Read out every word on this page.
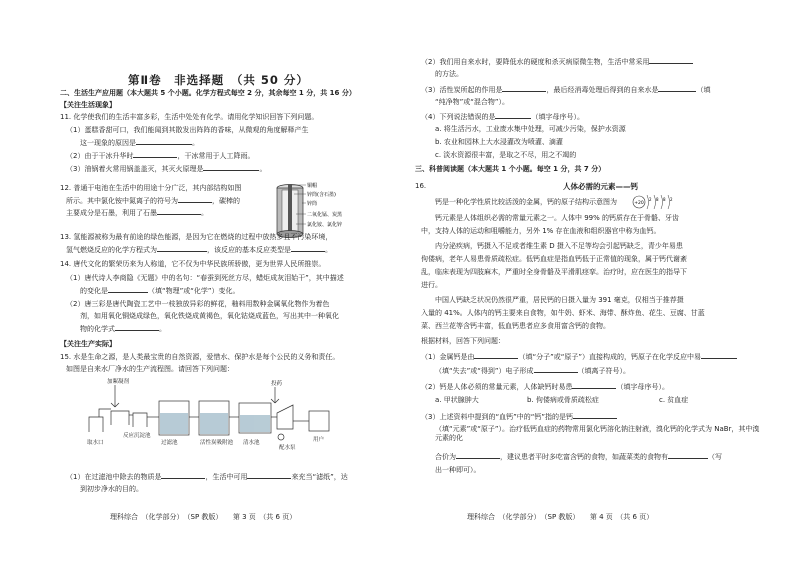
第Ⅱ卷　非选择题　（共 50 分）
二、生活生产应用题（本大题共 5 个小题。化学方程式每空 2 分，其余每空 1 分，共 16 分）
【关注生活现象】
11. 化学使我们的生活丰富多彩，生活中处处有化学。请用化学知识回答下列问题。
（1）蛋糕香甜可口，我们能闻到其散发出阵阵的香味，从微观的角度解释产生
这一现象的原因是	。
（2）由于干冰升华时	，干冰常用于人工降雨。
（3）油锅着火常用锅盖盖灭，其灭火原理是	。
12. 普通干电池在生活中的用途十分广泛，其内部结构如图
所示。其中氯化铵中氮离子的符号为	，碳棒的
主要成分是石墨，利用了石墨	。
铜帽
锌筒(含石墨)
锌筒
二氧化锰、炭黑
氯化铵、氯化锌
13. 氢能源被称为最有前途的绿色能源，是因为它在燃烧的过程中放热多且不污染环境，
氢气燃烧反应的化学方程式为	，该反应的基本反应类型是	。
14. 唐代文化的繁荣历来为人称道，它不仅为中华民族所骄傲，更为世界人民所推崇。
（1）唐代诗人李商隐《无题》中的名句：“春蚕到死丝方尽，蜡炬成灰泪始干”，其中描述
的变化是	（填“物理”或“化学”）变化。
（2）唐三彩是唐代陶瓷工艺中一枝独放异彩的鲜花，釉料用数种金属氧化物作为着色
剂，如用氧化铜烧成绿色，氧化铁烧成黄褐色，氧化钴烧成蓝色，写出其中一种氧化
物的化学式	。
【关注生产实际】
15. 水是生命之源，是人类最宝贵的自然资源，爱惜水、保护水是每个公民的义务和责任。
如图是自来水厂净水的生产流程图。请回答下列问题：
加絮凝剂
取水口
反应沉淀池
过滤池	活性炭吸附池 清水池
投药
配水泵
用户
（1）在过滤池中除去的物质是	，生活中可用	来充当“滤纸”，达
到初步净水的目的。
理科综合　（化学部分）　（SP 教版）　　第 3 页　（共 6 页）
（2）我们用自来水时，要降低水的硬度和杀灭病原微生物，生活中常采用
的方法。
（3）活性炭所起的作用是	，最后经消毒处理后得到的自来水是	（填
“纯净物”或“混合物”）。
（4）下列说法错误的是	（填字母序号）。
a. 将生活污水，工业废水集中处理，可减少污染，保护水资源
b. 农业和园林上大水浸灌改为喷灌、滴灌
c. 淡水资源很丰富，是取之不尽，用之不竭的
三、科普阅读题（本大题共 1 个小题。每空 1 分，共 7 分）
16.	人体必需的元素——钙
钙是一种化学性质比较活泼的金属，钙的原子结构示意图为	+20
2 8 8 2
钙元素是人体组织必需的常量元素之一。人体中 99% 的钙质存在于骨骼、牙齿
中，支持人体的运动和咀嚼能力，另外 1% 存在血液和组织器官中称为血钙。
内分泌疾病，钙摄入不足或者维生素 D 摄入不足等均会引起钙缺乏，青少年易患
佝偻病，老年人易患骨质疏松症。低钙血症是指血钙低于正常值的现象，属于钙代谢紊
乱，临床表现为四肢麻木，严重时全身骨骼及平滑肌痉挛。治疗时，应在医生的指导下
进行。
中国人钙缺乏状况仍然很严重，居民钙的日摄入量为 391 毫克，仅相当于推荐摄
入量的 41%。人体内的钙主要来自食物，如牛奶、虾米、海带、酥炸鱼、花生、豆腐、甘蓝
菜、西兰花等含钙丰富，低血钙患者应多食用富含钙的食物。
根据材料，回答下列问题：
（1）金属钙是由	（填“分子”或“原子”）直接构成的，钙原子在化学反应中易
（填“失去”或“得到”）电子形成	（填离子符号）。
（2）钙是人体必须的常量元素，人体缺钙时易患	（填字母序号）。
a. 甲状腺肿大	b. 佝偻病或骨质疏松症	c. 贫血症
（3）上述资料中提到的“血钙”中的“钙”指的是钙
（填“元素”或“原子”）。治疗低钙血症的药物常用氯化钙溶化钠注射液，溴化钙的化学式为 NaBr，其中溴元素的化
合价为	，建议患者平时多吃富含钙的食物，如蔬菜类的食物有	（写
出一种即可）。
理科综合　（化学部分）　（SP 教版）　　第 4 页　（共 6 页）
